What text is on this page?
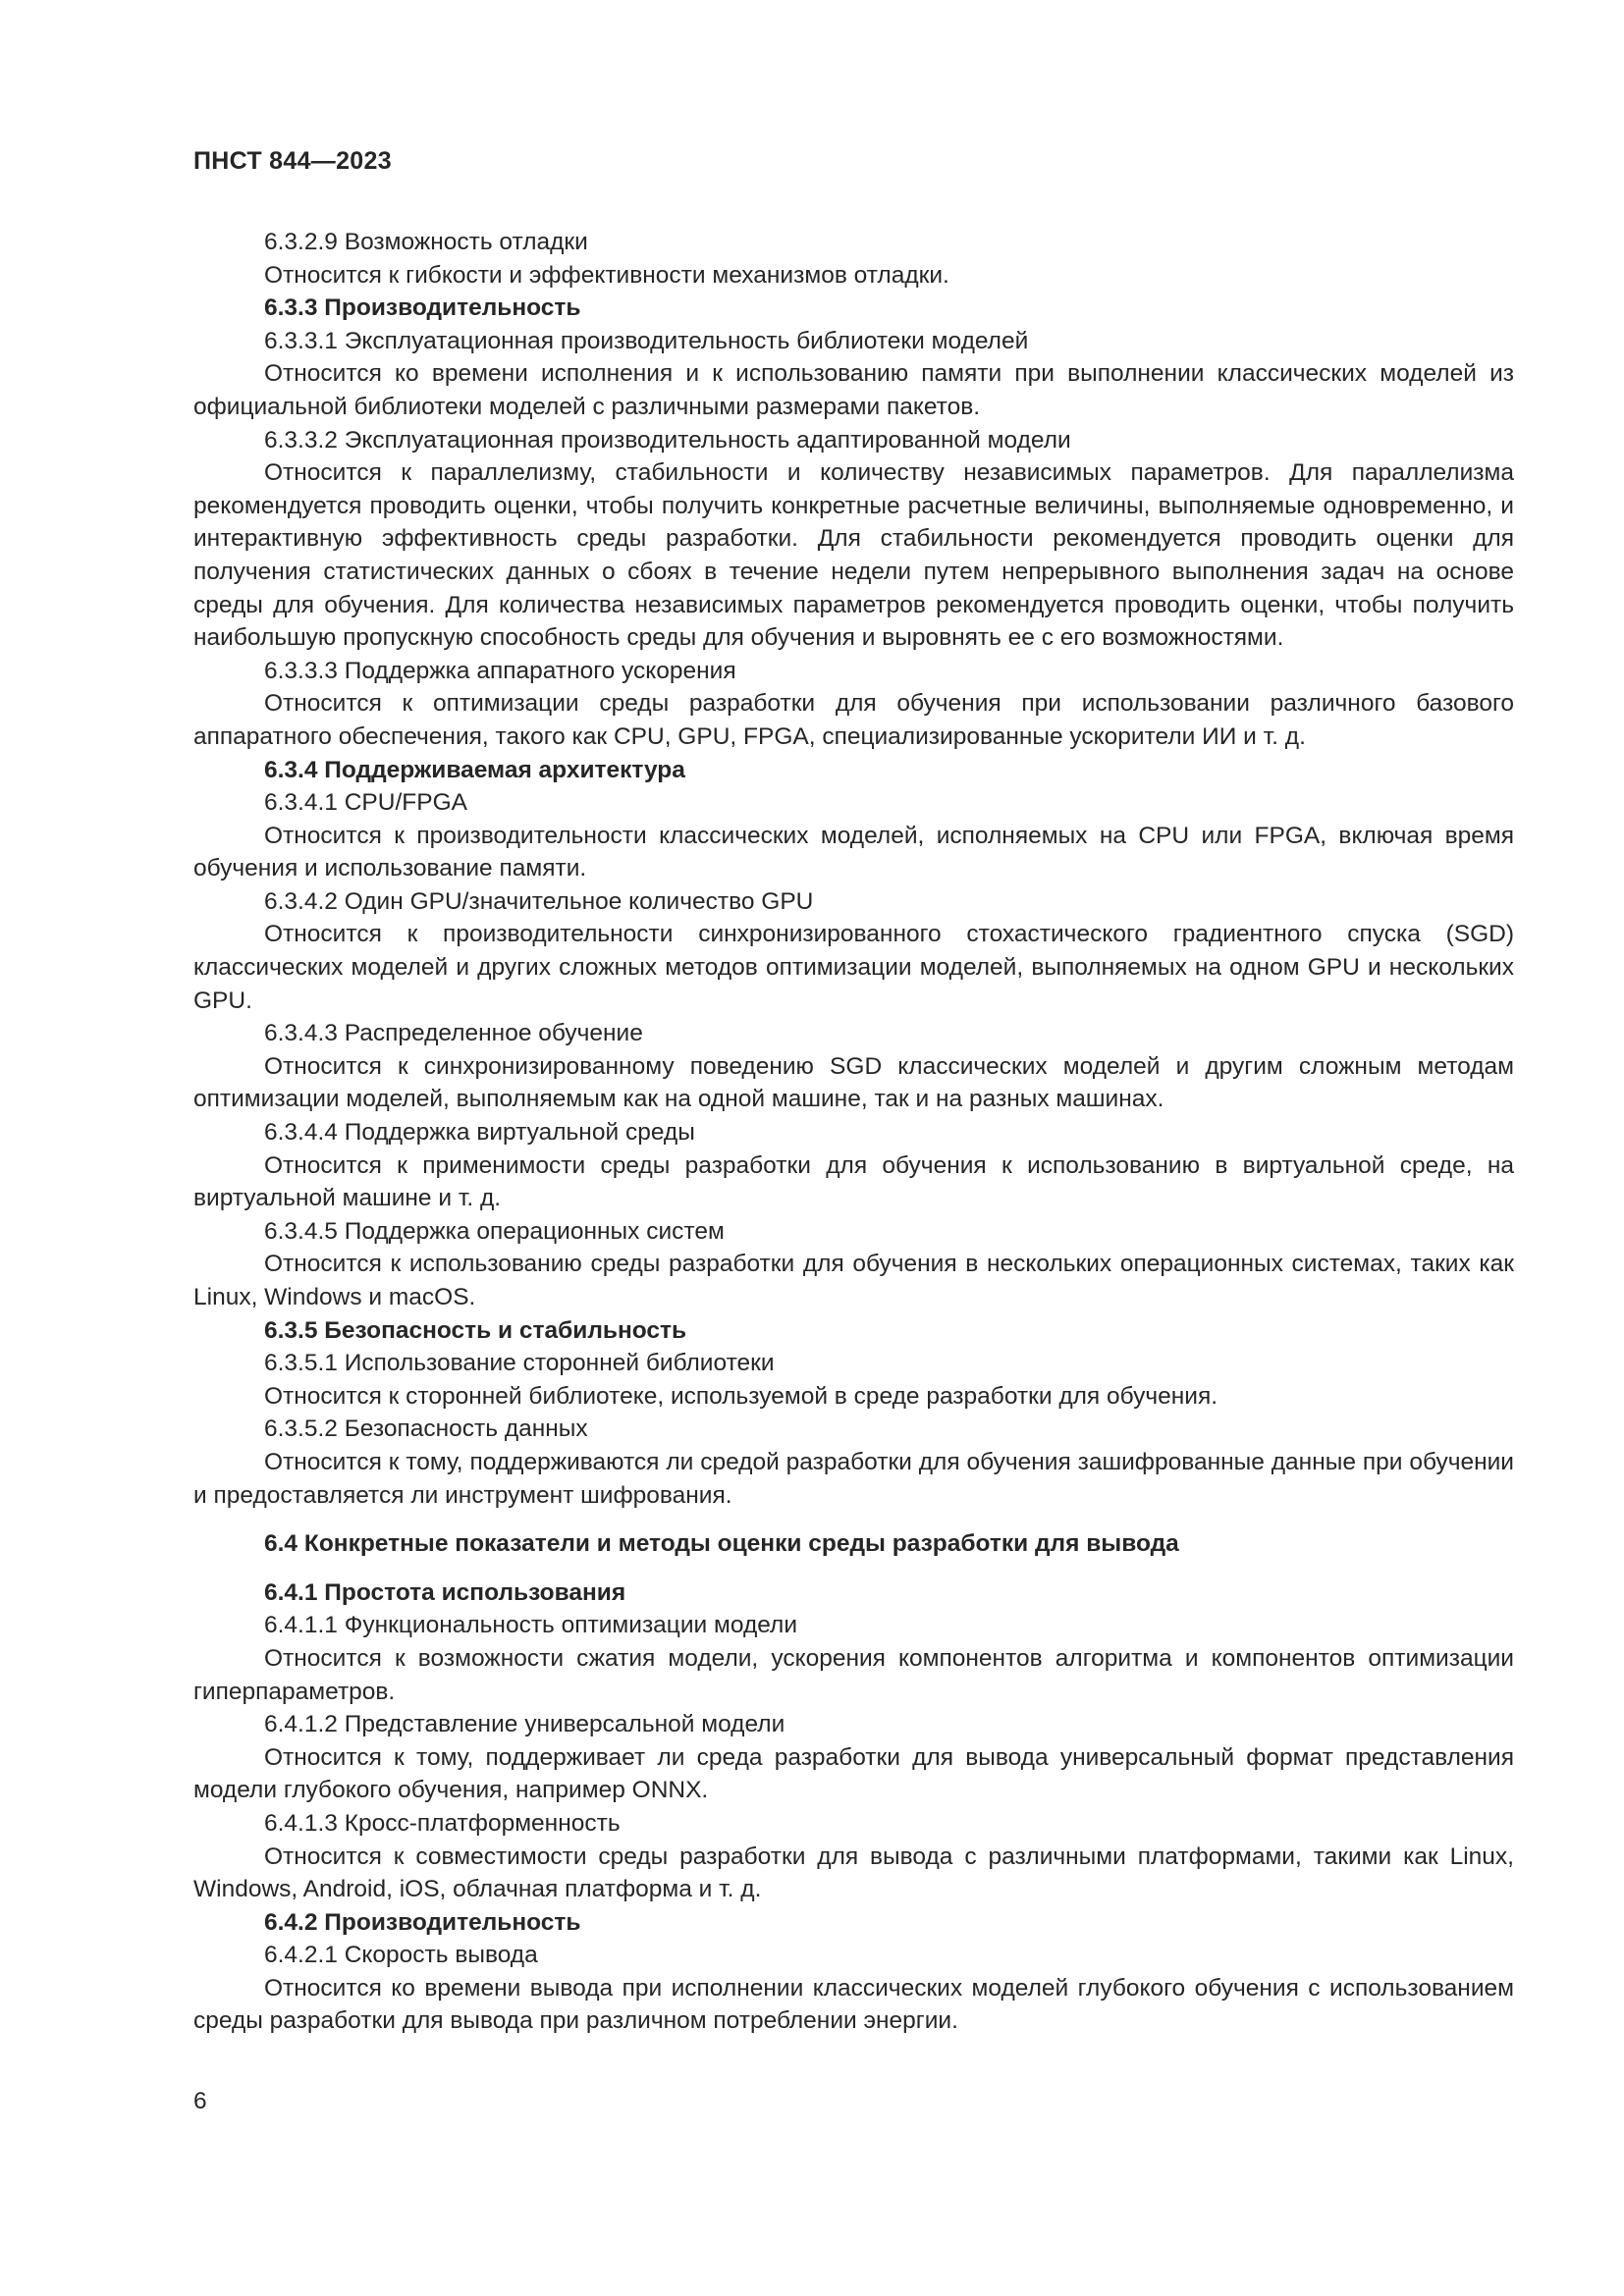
ПНСТ 844—2023

6.3.2.9 Возможность отладки

Относится к гибкости и эффективности механизмов отладки.

6.3.3 Производительность

6.3.3.1 Эксплуатационная производительность библиотеки моделей

Относится ко времени исполнения и к использованию памяти при выполнении классических моделей из официальной библиотеки моделей с различными размерами пакетов.

6.3.3.2 Эксплуатационная производительность адаптированной модели

Относится к параллелизму, стабильности и количеству независимых параметров. Для параллелизма рекомендуется проводить оценки, чтобы получить конкретные расчетные величины, выполняемые одновременно, и интерактивную эффективность среды разработки. Для стабильности рекомендуется проводить оценки для получения статистических данных о сбоях в течение недели путем непрерывного выполнения задач на основе среды для обучения. Для количества независимых параметров рекомендуется проводить оценки, чтобы получить наибольшую пропускную способность среды для обучения и выровнять ее с его возможностями.

6.3.3.3 Поддержка аппаратного ускорения

Относится к оптимизации среды разработки для обучения при использовании различного базового аппаратного обеспечения, такого как CPU, GPU, FPGA, специализированные ускорители ИИ и т. д.

6.3.4 Поддерживаемая архитектура

6.3.4.1 CPU/FPGA

Относится к производительности классических моделей, исполняемых на CPU или FPGA, включая время обучения и использование памяти.

6.3.4.2 Один GPU/значительное количество GPU

Относится к производительности синхронизированного стохастического градиентного спуска (SGD) классических моделей и других сложных методов оптимизации моделей, выполняемых на одном GPU и нескольких GPU.

6.3.4.3 Распределенное обучение

Относится к синхронизированному поведению SGD классических моделей и другим сложным методам оптимизации моделей, выполняемым как на одной машине, так и на разных машинах.

6.3.4.4 Поддержка виртуальной среды

Относится к применимости среды разработки для обучения к использованию в виртуальной среде, на виртуальной машине и т. д.

6.3.4.5 Поддержка операционных систем

Относится к использованию среды разработки для обучения в нескольких операционных системах, таких как Linux, Windows и macOS.

6.3.5 Безопасность и стабильность

6.3.5.1 Использование сторонней библиотеки

Относится к сторонней библиотеке, используемой в среде разработки для обучения.

6.3.5.2 Безопасность данных

Относится к тому, поддерживаются ли средой разработки для обучения зашифрованные данные при обучении и предоставляется ли инструмент шифрования.

6.4 Конкретные показатели и методы оценки среды разработки для вывода

6.4.1 Простота использования

6.4.1.1 Функциональность оптимизации модели

Относится к возможности сжатия модели, ускорения компонентов алгоритма и компонентов оптимизации гиперпараметров.

6.4.1.2 Представление универсальной модели

Относится к тому, поддерживает ли среда разработки для вывода универсальный формат представления модели глубокого обучения, например ONNX.

6.4.1.3 Кросс-платформенность

Относится к совместимости среды разработки для вывода с различными платформами, такими как Linux, Windows, Android, iOS, облачная платформа и т. д.

6.4.2 Производительность

6.4.2.1 Скорость вывода

Относится ко времени вывода при исполнении классических моделей глубокого обучения с использованием среды разработки для вывода при различном потреблении энергии.

6
